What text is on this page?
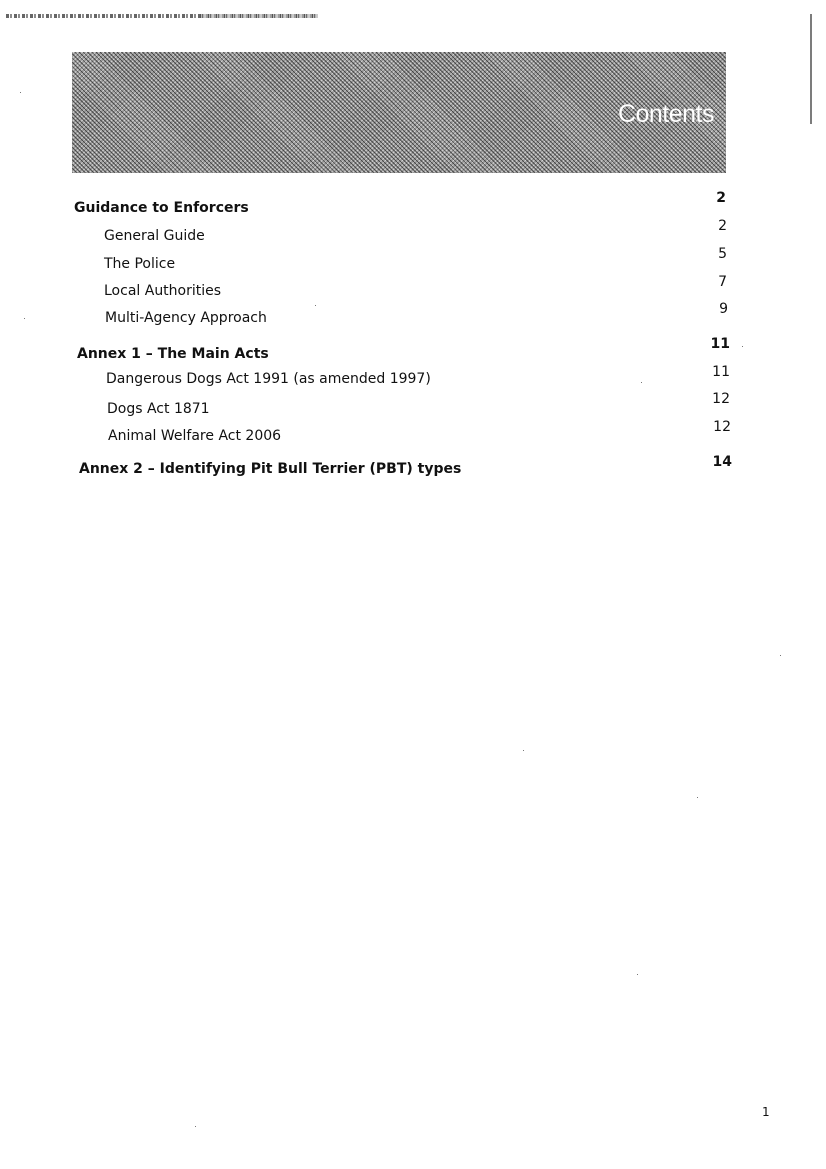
Contents
Guidance to Enforcers
2
General Guide
2
The Police
5
Local Authorities
7
Multi-Agency Approach
9
Annex 1 – The Main Acts
11
Dangerous Dogs Act 1991 (as amended 1997)	11
Dogs Act 1871
12
Animal Welfare Act 2006
12
Annex 2 – Identifying Pit Bull Terrier (PBT) types	14
1
